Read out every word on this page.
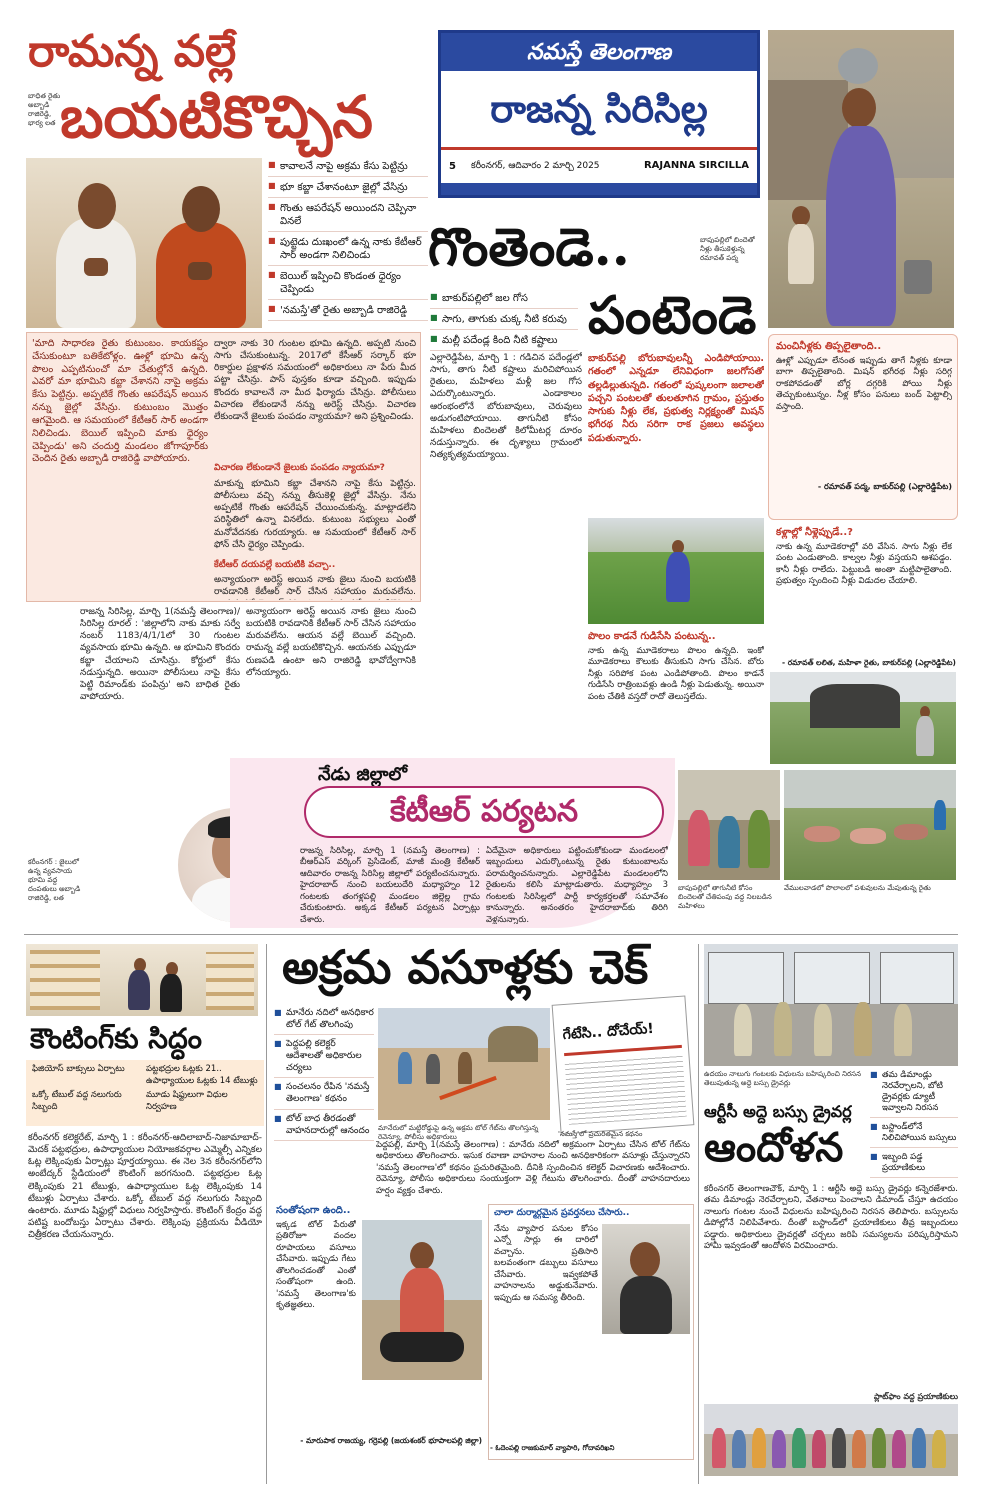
రామన్న వల్లే
బయటికొచ్చిన
బాధిత రైతు అబ్బాడి రాజిరెడ్డి, భార్య లత
■ కావాలనే నాపై అక్రమ కేసు పెట్టిన్రు
■ భూ కబ్జా చేశానంటూ జైల్లో వేసిన్రు
■ గొంతు ఆపరేషన్‌ అయిందని చెప్పినా వినలే
■ పుట్టెడు దుఃఖంలో ఉన్న నాకు కేటీఆర్‌ సార్‌ అండగా నిలిచిండు
■ బెయిల్‌ ఇప్పించి కొండంత ధైర్యం చెప్పిండు
■ 'నమస్తే'తో రైతు అబ్బాడి రాజిరెడ్డి
'మాది సాధారణ రైతు కుటుంబం. కాయకష్టం చేసుకుంటూ బతికేటోళ్లం. ఊళ్లో భూమి ఉన్న పొలం ఎప్పటినుంచో మా చేతుల్లోనే ఉన్నది. ఎవరో మా భూమిని కబ్జా చేశానని నాపై అక్రమ కేసు పెట్టిన్రు. అప్పటికే గొంతు ఆపరేషన్‌ అయిన నన్ను జైల్లో వేసిన్రు. కుటుంబం మొత్తం ఆగమైంది. ఆ సమయంలో కేటీఆర్‌ సార్‌ అండగా నిలిచిండు. బెయిల్‌ ఇప్పించి మాకు ధైర్యం చెప్పిండు' అని చందుర్తి మండలం జోగాపూర్‌కు చెందిన రైతు అబ్బాడి రాజిరెడ్డి వాపోయారు.
ద్వారా నాకు 30 గుంటల భూమి ఉన్నది. అప్పటి నుంచి సాగు చేసుకుంటున్న. 2017లో కేసీఆర్‌ సర్కార్‌ భూ రికార్డుల ప్రక్షాళన సమయంలో అధికారులు నా పేరు మీద పట్టా చేసిన్రు. పాస్‌ పుస్తకం కూడా వచ్చింది. ఇప్పుడు కొందరు కావాలనే నా మీద ఫిర్యాదు చేసిన్రు. పోలీసులు విచారణ లేకుండానే నన్ను అరెస్ట్‌ చేసిన్రు. విచారణ లేకుండానే జైలుకు పంపడం న్యాయమా? అని ప్రశ్నించిండు.
విచారణ లేకుండానే జైలుకు పంపడం న్యాయమా?
మాకున్న భూమిని కబ్జా చేశానని నాపై కేసు పెట్టిన్రు. పోలీసులు వచ్చి నన్ను తీసుకెళ్లి జైల్లో వేసిన్రు. నేను అప్పటికే గొంతు ఆపరేషన్‌ చేయించుకున్న. మాట్లాడలేని పరిస్థితిలో ఉన్నా వినలేదు. కుటుంబ సభ్యులు ఎంతో మనోవేదనకు గురయ్యారు. ఆ సమయంలో కేటీఆర్‌ సార్‌ ఫోన్‌ చేసి ధైర్యం చెప్పిండు.
కేటీఆర్‌ దయవల్లే బయటికి వచ్చా..
అన్యాయంగా అరెస్ట్‌ అయిన నాకు జైలు నుంచి బయటికి రావడానికి కేటీఆర్‌ సార్‌ చేసిన సహాయం మరువలేను.
రాజన్న సిరిసిల్ల, మార్చి 1(నమస్తే తెలంగాణ)/సిరిసిల్ల రూరల్‌ : 'జిల్లాలోని నాకు మాకు సర్వే నంబర్‌ 1183/4/1/1లో 30 గుంటల వ్యవసాయ భూమి ఉన్నది. ఆ భూమిని కొందరు కబ్జా చేయాలని చూసిన్రు. కోర్టులో కేసు నడుస్తున్నది. అయినా పోలీసులు నాపై కేసు పెట్టి రిమాండ్‌కు పంపిన్రు' అని బాధిత రైతు వాపోయారు.
అన్యాయంగా అరెస్ట్‌ అయిన నాకు జైలు నుంచి బయటికి రావడానికి కేటీఆర్‌ సార్‌ చేసిన సహాయం మరువలేను. ఆయన వల్లే బెయిల్‌ వచ్చింది. రామన్న వల్లే బయటికొచ్చిన. ఆయనకు ఎప్పుడూ రుణపడి ఉంటా అని రాజిరెడ్డి భావోద్వేగానికి లోనయ్యారు.
కరీంనగర్‌ : జైలులో ఉన్న వ్యవసాయ భూమి వద్ద దంపతులు అబ్బాడి రాజిరెడ్డి, లత
నమస్తే తెలంగాణ
రాజన్న సిరిసిల్ల
5 కరీంనగర్‌, ఆదివారం 2 మార్చి 2025	RAJANNA SIRCILLA
బాపుపల్లిలో బిందెతో నీళ్లు తీసుకెళ్తున్న రమావత్‌ పద్మ
గొంతెండె..
పంటెండె
■ బాకుర్‌పల్లిలో జల గోస
■ సాగు, తాగుకు చుక్క నీటి కరువు
■ మల్లీ పదేండ్ల కింది నీటి కష్టాలు
బాకుర్‌పల్లి బోరుబావులన్నీ ఎండిపోయాయి. గతంలో ఎన్నడూ లేనివిధంగా జలగోసతో తల్లడిల్లుతున్నది. గతంలో పుష్కలంగా జలాలతో పచ్చని పంటలతో తులతూగిన గ్రామం, ప్రస్తుతం సాగుకు నీళ్లు లేక, ప్రభుత్వ నిర్లక్ష్యంతో మిషన్‌ భగీరథ నీరు సరిగా రాక ప్రజలు అవస్థలు పడుతున్నారు.
మంచినీళ్లకు తిప్పలైతాంది..
ఊళ్లో ఎప్పుడూ లేనంత ఇప్పుడు తాగే నీళ్లకు కూడా బాగా తిప్పలైతాంది. మిషన్‌ భగీరథ నీళ్లు సరిగ్గ రాకపోవడంతో బోర్ల దగ్గరికి పోయి నీళ్లు తెచ్చుకుంటున్నం. నీళ్ల కోసం పనులు బంద్‌ పెట్టాల్సి వస్తాంది.
- రమావత్‌ పద్మ, బాకుర్‌పల్లి (ఎల్లారెడ్డిపేట)
ఎల్లారెడ్డిపేట, మార్చి 1 : గడిచిన పదేండ్లలో సాగు, తాగు నీటి కష్టాలు మరిచిపోయిన రైతులు, మహిళలు మళ్లీ జల గోస ఎదుర్కొంటున్నారు. ఎండాకాలం ఆరంభంలోనే బోరుబావులు, చెరువులు అడుగంటిపోయాయి. తాగునీటి కోసం మహిళలు బిందెలతో కిలోమీటర్ల దూరం నడుస్తున్నారు. ఈ దృశ్యాలు గ్రామంలో నిత్యకృత్యమయ్యాయి.
కళ్లాల్లో నీళ్లెప్పుడే..?
నాకు ఉన్న మూడెకరాల్లో వరి వేసిన. సాగు నీళ్లు లేక పంట ఎండుతాంది. కాల్వల నీళ్లు వస్తయని ఆశపడ్డం. కానీ నీళ్లు రాలేదు. పెట్టుబడి అంతా మట్టిపాలైతాంది. ప్రభుత్వం స్పందించి నీళ్లు విడుదల చేయాలి.
- రమావత్‌ లలిత, మహిళా రైతు, బాకుర్‌పల్లి (ఎల్లారెడ్డిపేట)
పొలం కాడనే గుడిసేసి పంటున్న..
నాకు ఉన్న మూడెకరాలు పొలం ఉన్నది. ఇంకో మూడెకరాలు కౌలుకు తీసుకుని సాగు చేసిన. బోరు నీళ్లు సరిపోక పంట ఎండిపోతాంది. పొలం కాడనే గుడిసేసి రాత్రింబవళ్లు ఉండి నీళ్లు పెడుతున్న. అయినా పంట చేతికి వస్తదో రాదో తెలుస్తలేదు.
నేడు జిల్లాలో
కేటీఆర్‌ పర్యటన
రాజన్న సిరిసిల్ల, మార్చి 1 (నమస్తే తెలంగాణ) : బీఆర్‌ఎస్‌ వర్కింగ్‌ ప్రెసిడెంట్‌, మాజీ మంత్రి కేటీఆర్‌ ఆదివారం రాజన్న సిరిసిల్ల జిల్లాలో పర్యటించనున్నారు. హైదరాబాద్‌ నుంచి బయలుదేరి మధ్యాహ్నం 12 గంటలకు తంగళ్లపల్లి మండలం జిల్లెల్ల గ్రామ చేరుకుంటారు. అక్కడ కేటీఆర్‌ పర్యటన ఏర్పాట్లు చేశారు.
ఏదేమైనా అధికారులు పట్టించుకోకుండా మండలంలో ఇబ్బందులు ఎదుర్కొంటున్న రైతు కుటుంబాలను పరామర్శించనున్నారు. ఎల్లారెడ్డిపేట మండలంలోని రైతులను కలిసి మాట్లాడుతారు. మధ్యాహ్నం 3 గంటలకు సిరిసిల్లలో పార్టీ కార్యకర్తలతో సమావేశం కానున్నారు. అనంతరం హైదరాబాద్‌కు తిరిగి వెళ్లనున్నారు.
బాపుపల్లిలో తాగునీటి కోసం బిందెలతో చేతిపంపు వద్ద నిలబడిన మహిళలు
వేములవాడలో పొలాలలో పశువులను మేపుతున్న రైతు
కౌంటింగ్‌కు సిద్ధం
ఫిజియోస్‌ బాక్సులు ఏర్పాటు	పట్టభద్రుల ఓట్లకు 21.. ఉపాధ్యాయుల ఓట్లకు 14 టేబుళ్లు
ఒక్కో టేబుల్‌ వద్ద నలుగురు సిబ్బంది
మూడు షిఫ్టులుగా విధుల నిర్వహణ
కరీంనగర్‌ కలెక్టరేట్‌, మార్చి 1 : కరీంనగర్‌-ఆదిలాబాద్‌-నిజామాబాద్‌-మెదక్‌ పట్టభద్రుల, ఉపాధ్యాయుల నియోజకవర్గాల ఎమ్మెల్సీ ఎన్నికల ఓట్ల లెక్కింపుకు ఏర్పాట్లు పూర్తయ్యాయి. ఈ నెల 3న కరీంనగర్‌లోని అంబేద్కర్‌ స్టేడియంలో కౌంటింగ్‌ జరగనుంది. పట్టభద్రుల ఓట్ల లెక్కింపుకు 21 టేబుళ్లు, ఉపాధ్యాయుల ఓట్ల లెక్కింపుకు 14 టేబుళ్లు ఏర్పాటు చేశారు. ఒక్కో టేబుల్‌ వద్ద నలుగురు సిబ్బంది ఉంటారు. మూడు షిఫ్టుల్లో విధులు నిర్వహిస్తారు. కౌంటింగ్‌ కేంద్రం వద్ద పటిష్ట బందోబస్తు ఏర్పాటు చేశారు. లెక్కింపు ప్రక్రియను వీడియో చిత్రీకరణ చేయనున్నారు.
అక్రమ వసూళ్లకు చెక్‌
■ మానేరు నదిలో అనధికార టోల్‌ గేట్‌ తొలగింపు
■ పెద్దపల్లి కలెక్టర్‌ ఆదేశాలతో అధికారుల చర్యలు
■ సంచలనం రేపిన 'నమస్తే తెలంగాణ' కథనం
■ టోల్‌ బాధ తీరడంతో వాహనదారుల్లో ఆనందం	మానేరులో మట్టిరోడ్డుపై ఉన్న అక్రమ టోల్‌ గేట్‌ను తొలగిస్తున్న రెవెన్యూ, పోలీసు అధికారులు
గేటేసి.. దోచేయ్‌!
'నమస్తే'లో ప్రచురితమైన కథనం
పెద్దపల్లి, మార్చి 1(నమస్తే తెలంగాణ) : మానేరు నదిలో అక్రమంగా ఏర్పాటు చేసిన టోల్‌ గేట్‌ను అధికారులు తొలగించారు. ఇసుక రవాణా వాహనాల నుంచి అనధికారికంగా వసూళ్లు చేస్తున్నారని 'నమస్తే తెలంగాణ'లో కథనం ప్రచురితమైంది. దీనికి స్పందించిన కలెక్టర్‌ విచారణకు ఆదేశించారు. రెవెన్యూ, పోలీసు అధికారులు సంయుక్తంగా వెళ్లి గేటును తొలగించారు. దీంతో వాహనదారులు హర్షం వ్యక్తం చేశారు.
సంతోషంగా ఉంది..
ఇక్కడ టోల్‌ పేరుతో ప్రతిరోజూ వందల రూపాయలు వసూలు చేసేవారు. ఇప్పుడు గేటు తొలగించడంతో ఎంతో సంతోషంగా ఉంది. 'నమస్తే తెలంగాణ'కు కృతజ్ఞతలు.
- మారుపాక రాజయ్య, గర్రెపల్లి (జయశంకర్‌ భూపాలపల్లి జిల్లా)
చాలా దుర్మార్గమైన ప్రవర్తనలు చేసారు..
నేను వ్యాపార పనుల కోసం ఎన్నో సార్లు ఈ దారిలో వచ్చాను. ప్రతిసారి బలవంతంగా డబ్బులు వసూలు చేసేవారు. ఇవ్వకపోతే వాహనాలను అడ్డుకునేవారు. ఇప్పుడు ఆ సమస్య తీరింది.
- ఓదెంపల్లి రాజకుమార్‌ వ్యాపారి, గోదావరిఖని
ఉదయం నాలుగు గంటలకు విధులను బహిష్కరించి నిరసన తెలుపుతున్న అద్దె బస్సు డ్రైవర్లు
■ తమ డిమాండ్లు నెరవేర్చాలని, బోటి డ్రైవర్లకు డ్యూటీ ఇవ్వాలని నిరసన
■ బస్టాండ్‌లోనే నిలిచిపోయిన బస్సులు
■ ఇబ్బంది పడ్డ ప్రయాణికులు
ఆర్టీసీ అద్దె బస్సు డ్రైవర్ల
ఆందోళన
కరీంనగర్‌ తెలంగాణచౌక్‌, మార్చి 1 : ఆర్టీసీ అద్దె బస్సు డ్రైవర్లు కన్నెరజేశారు. తమ డిమాండ్లు నెరవేర్చాలని, వేతనాలు పెంచాలని డిమాండ్‌ చేస్తూ ఉదయం నాలుగు గంటల నుంచే విధులను బహిష్కరించి నిరసన తెలిపారు. బస్సులను డిపోల్లోనే నిలిపివేశారు. దీంతో బస్టాండ్‌లో ప్రయాణికులు తీవ్ర ఇబ్బందులు పడ్డారు. అధికారులు డ్రైవర్లతో చర్చలు జరిపి సమస్యలను పరిష్కరిస్తామని హామీ ఇవ్వడంతో ఆందోళన విరమించారు.
ప్లాట్‌ఫాం వద్ద ప్రయాణికులు
